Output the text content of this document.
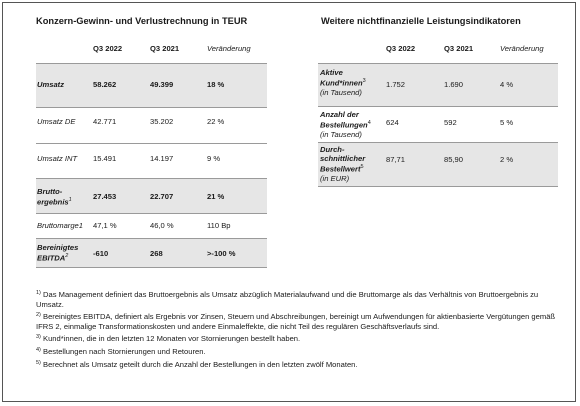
Konzern-Gewinn- und Verlustrechnung in TEUR
Q3 2022	Q3 2021	Veränderung
Umsatz	58.262	49.399	18 %
Umsatz DE 42.771	35.202	22 %
Umsatz INT 15.491	14.197	9 %
Brutto-
ergebnis$^1$	27.453	22.707	21 %
Bruttomarge1 47,1 %	46,0 %	110 Bp
Bereinigtes
EBITDA$^2$	-610	268	>-100 %
Weitere nichtfinanzielle Leistungsindikatoren
Q3 2022	Q3 2021	Veränderung
Aktive
Kund*innen$^3$
(in Tausend)
1.752	1.690	4 %
Anzahl der
Bestellungen$^4$
(in Tausend)
624	592	5 %
Durch-
schnittlicher
Bestellwert$^5$
(in EUR)
87,71	85,90	2 %

$^{1)}$ Das Management definiert das Bruttoergebnis als Umsatz abzüglich Materialaufwand und die Bruttomarge als das Verhältnis von Bruttoergebnis zu Umsatz.

$^{2)}$ Bereinigtes EBITDA, definiert als Ergebnis vor Zinsen, Steuern und Abschreibungen, bereinigt um Aufwendungen für aktienbasierte Vergütungen gemäß IFRS 2, einmalige Transformationskosten und andere Einmaleffekte, die nicht Teil des regulären Geschäftsverlaufs sind.

$^{3)}$ Kund*innen, die in den letzten 12 Monaten vor Stornierungen bestellt haben.

$^{4)}$ Bestellungen nach Stornierungen und Retouren.

$^{5)}$ Berechnet als Umsatz geteilt durch die Anzahl der Bestellungen in den letzten zwölf Monaten.
